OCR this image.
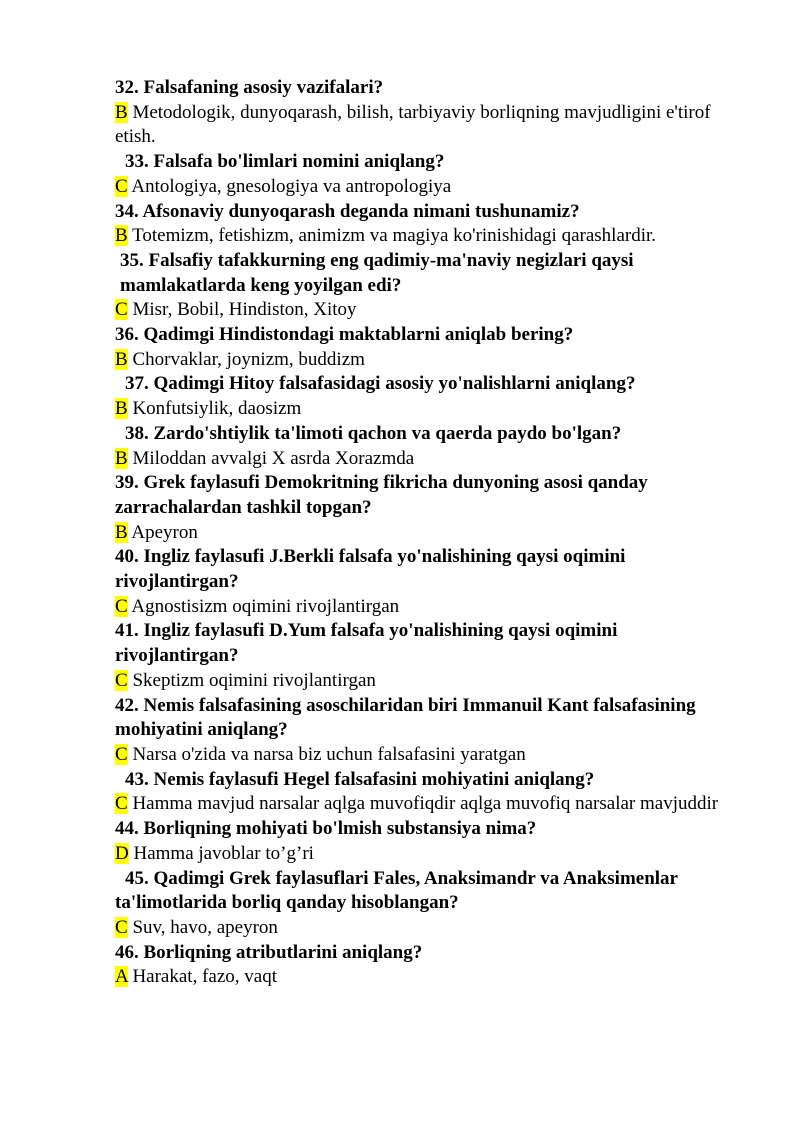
32. Falsafaning asosiy vazifalari?

B Metodologik, dunyoqarash, bilish, tarbiyaviy borliqning mavjudligini e'tirof etish.

33. Falsafa bo'limlari nomini aniqlang?

C Antologiya, gnesologiya va antropologiya

34. Afsonaviy dunyoqarash deganda nimani tushunamiz?

B Totemizm, fetishizm, animizm va magiya ko'rinishidagi qarashlardir.

35. Falsafiy tafakkurning eng qadimiy-ma'naviy negizlari qaysi mamlakatlarda keng yoyilgan edi?

C Misr, Bobil, Hindiston, Xitoy

36. Qadimgi Hindistondagi maktablarni aniqlab bering?

B Chorvaklar, joynizm, buddizm

37. Qadimgi Hitoy falsafasidagi asosiy yo'nalishlarni aniqlang?

B Konfutsiylik, daosizm

38. Zardo'shtiylik ta'limoti qachon va qaerda paydo bo'lgan?

B Miloddan avvalgi X asrda Xorazmda

39. Grek faylasufi Demokritning fikricha dunyoning asosi qanday zarrachalardan tashkil topgan?

B Apeyron

40. Ingliz faylasufi J.Berkli falsafa yo'nalishining qaysi oqimini rivojlantirgan?

C Agnostisizm oqimini rivojlantirgan

41. Ingliz faylasufi D.Yum falsafa yo'nalishining qaysi oqimini rivojlantirgan?

C Skeptizm oqimini rivojlantirgan

42. Nemis falsafasining asoschilaridan biri Immanuil Kant falsafasining mohiyatini aniqlang?

C Narsa o'zida va narsa biz uchun falsafasini yaratgan

43. Nemis faylasufi Hegel falsafasini mohiyatini aniqlang?

C Hamma mavjud narsalar aqlga muvofiqdir aqlga muvofiq narsalar mavjuddir

44. Borliqning mohiyati bo'lmish substansiya nima?

D Hamma javoblar to’g’ri

45. Qadimgi Grek faylasuflari Fales, Anaksimandr va Anaksimenlar ta'limotlarida borliq qanday hisoblangan?

C Suv, havo, apeyron

46. Borliqning atributlarini aniqlang?

A Harakat, fazo, vaqt
